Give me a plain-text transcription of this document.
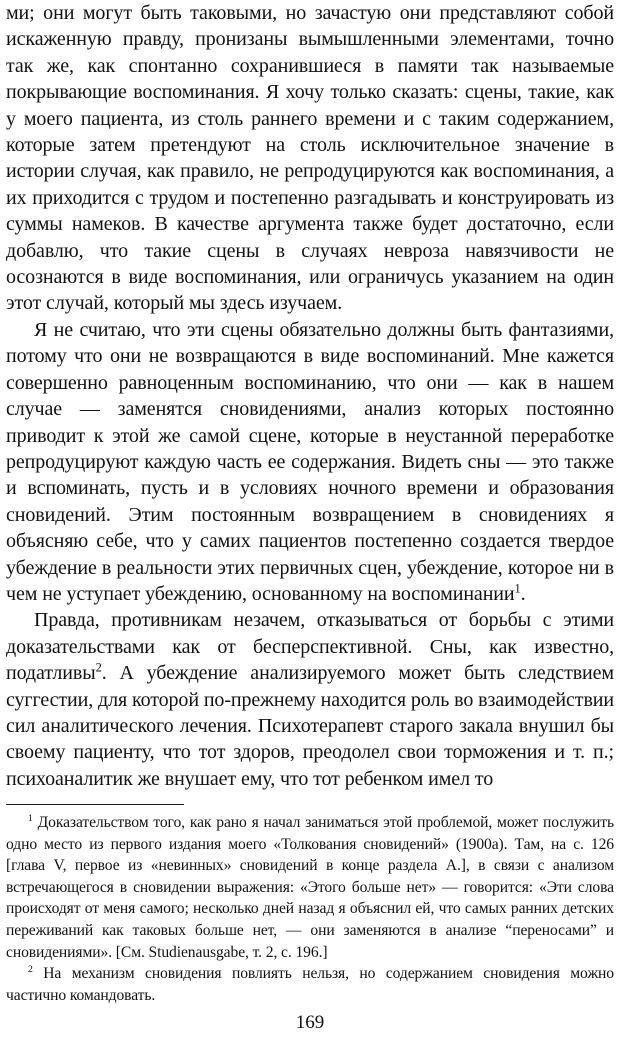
ми; они могут быть таковыми, но зачастую они представляют собой искаженную правду, пронизаны вымышленными элементами, точно так же, как спонтанно сохранившиеся в памяти так называемые покрывающие воспоминания. Я хочу только сказать: сцены, такие, как у моего пациента, из столь раннего времени и с таким содержанием, которые затем претендуют на столь исключительное значение в истории случая, как правило, не репродуцируются как воспоминания, а их приходится с трудом и постепенно разгадывать и конструировать из суммы намеков. В качестве аргумента также будет достаточно, если добавлю, что такие сцены в случаях невроза навязчивости не осознаются в виде воспоминания, или ограничусь указанием на один этот случай, который мы здесь изучаем.

Я не считаю, что эти сцены обязательно должны быть фантазиями, потому что они не возвращаются в виде воспоминаний. Мне кажется совершенно равноценным воспоминанию, что они — как в нашем случае — заменятся сновидениями, анализ которых постоянно приводит к этой же самой сцене, которые в неустанной переработке репродуцируют каждую часть ее содержания. Видеть сны — это также и вспоминать, пусть и в условиях ночного времени и образования сновидений. Этим постоянным возвращением в сновидениях я объясняю себе, что у самих пациентов постепенно создается твердое убеждение в реальности этих первичных сцен, убеждение, которое ни в чем не уступает убеждению, основанному на воспоминании$^1$.

Правда, противникам незачем, отказываться от борьбы с этими доказательствами как от бесперспективной. Сны, как известно, податливы$^2$. А убеждение анализируемого может быть следствием суггестии, для которой по-прежнему находится роль во взаимодействии сил аналитического лечения. Психотерапевт старого закала внушил бы своему пациенту, что тот здоров, преодолел свои торможения и т. п.; психоаналитик же внушает ему, что тот ребенком имел то

$^1$ Доказательством того, как рано я начал заниматься этой проблемой, может послужить одно место из первого издания моего «Толкования сновидений» (1900a). Там, на с. 126 [глава V, первое из «невинных» сновидений в конце раздела А.], в связи с анализом встречающегося в сновидении выражения: «Этого больше нет» — говорится: «Эти слова происходят от меня самого; несколько дней назад я объяснил ей, что самых ранних детских переживаний как таковых больше нет, — они заменяются в анализе “переносами” и сновидениями». [См. Studienausgabe, т. 2, с. 196.]

$^2$ На механизм сновидения повлиять нельзя, но содержанием сновидения можно частично командовать.

169
